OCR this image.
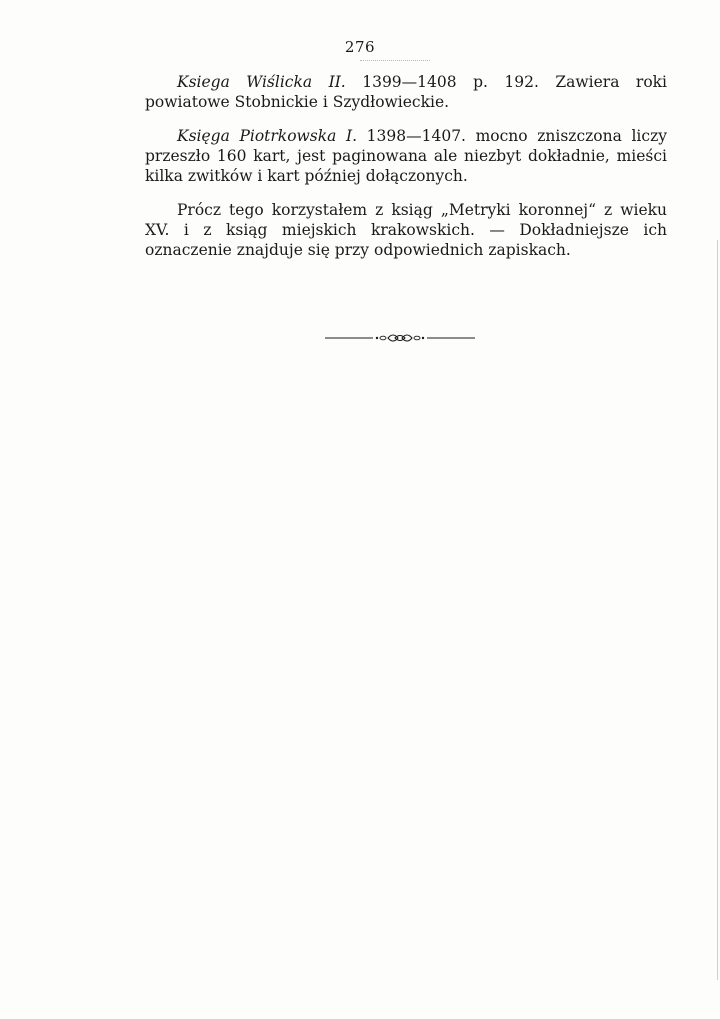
276

Ksiega Wiślicka II. 1399—1408 p. 192. Zawiera roki powiatowe Stobnickie i Szydłowieckie.

Księga Piotrkowska I. 1398—1407. mocno zniszczona liczy przeszło 160 kart, jest paginowana ale niezbyt dokładnie, mieści kilka zwitków i kart później dołączonych.

Prócz tego korzystałem z ksiąg „Metryki koronnej“ z wieku XV. i z ksiąg miejskich krakowskich. — Dokładniejsze ich oznaczenie znajduje się przy odpowiednich zapiskach.
